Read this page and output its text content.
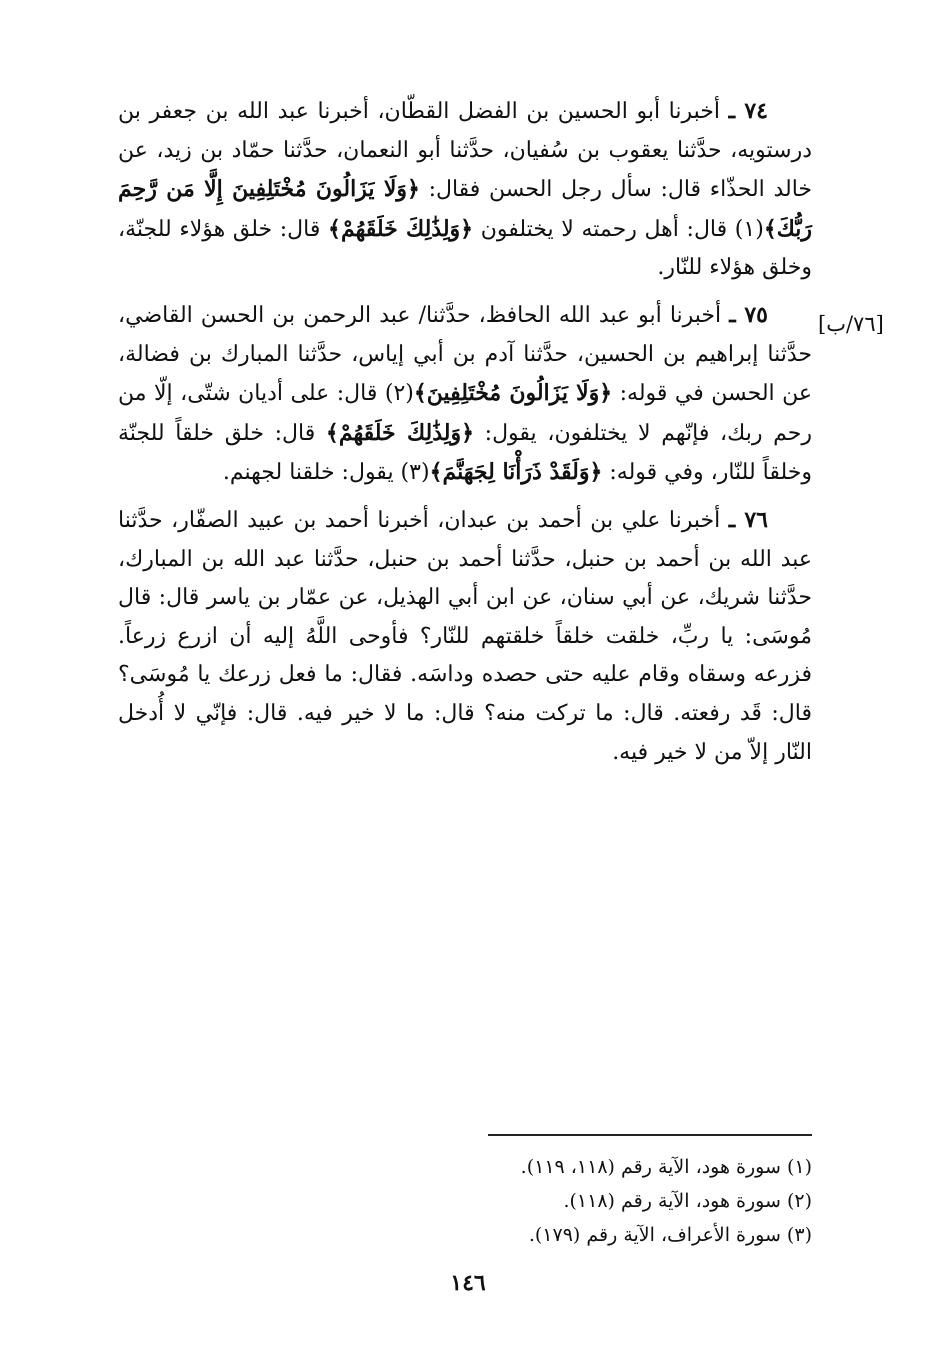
[٧٦/ب]

٧٤ ـ أخبرنا أبو الحسين بن الفضل القطّان، أخبرنا عبد الله بن جعفر بن درستويه، حدَّثنا يعقوب بن سُفيان، حدَّثنا أبو النعمان، حدَّثنا حمّاد بن زيد، عن خالد الحذّاء قال: سأل رجل الحسن فقال: ﴿وَلَا يَزَالُونَ مُخْتَلِفِينَ إِلَّا مَن رَّحِمَ رَبُّكَ﴾(١) قال: أهل رحمته لا يختلفون ﴿وَلِذَٰلِكَ خَلَقَهُمْ﴾ قال: خلق هؤلاء للجنّة، وخلق هؤلاء للنّار.

٧٥ ـ أخبرنا أبو عبد الله الحافظ، حدَّثنا/ عبد الرحمن بن الحسن القاضي، حدَّثنا إبراهيم بن الحسين، حدَّثنا آدم بن أبي إياس، حدَّثنا المبارك بن فضالة، عن الحسن في قوله: ﴿وَلَا يَزَالُونَ مُخْتَلِفِينَ﴾(٢) قال: على أديان شتّى، إلّا من رحم ربك، فإنّهم لا يختلفون، يقول: ﴿وَلِذَٰلِكَ خَلَقَهُمْ﴾ قال: خلق خلقاً للجنّة وخلقاً للنّار، وفي قوله: ﴿وَلَقَدْ ذَرَأْنَا لِجَهَنَّمَ﴾(٣) يقول: خلقنا لجهنم.

٧٦ ـ أخبرنا علي بن أحمد بن عبدان، أخبرنا أحمد بن عبيد الصفّار، حدَّثنا عبد الله بن أحمد بن حنبل، حدَّثنا أحمد بن حنبل، حدَّثنا عبد الله بن المبارك، حدَّثنا شريك، عن أبي سنان، عن ابن أبي الهذيل، عن عمّار بن ياسر قال: قال مُوسَى: يا ربِّ، خلقت خلقاً خلقتهم للنّار؟ فأوحى اللَّهُ إليه أن ازرع زرعاً. فزرعه وسقاه وقام عليه حتى حصده وداسَه. فقال: ما فعل زرعك يا مُوسَى؟ قال: قَد رفعته. قال: ما تركت منه؟ قال: ما لا خير فيه. قال: فإنّي لا أُدخل النّار إلاّ من لا خير فيه.

(١) سورة هود، الآية رقم (١١٨، ١١٩).

(٢) سورة هود، الآية رقم (١١٨).

(٣) سورة الأعراف، الآية رقم (١٧٩).

١٤٦
